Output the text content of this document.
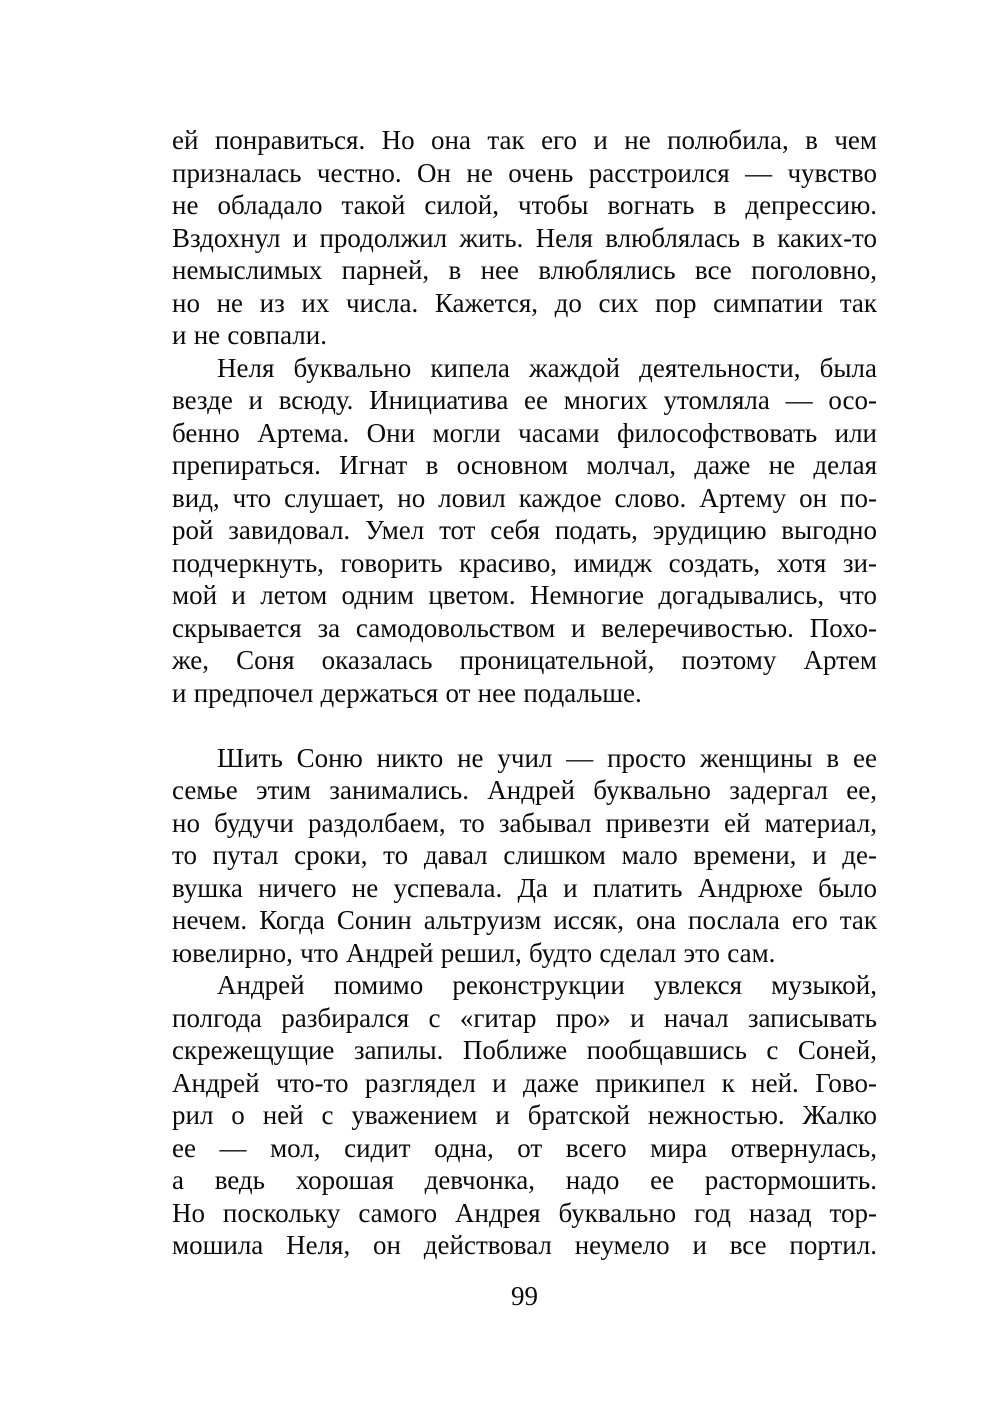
ей понравиться. Но она так его и не полюбила, в чем
призналась честно. Он не очень расстроился — чувство
не обладало такой силой, чтобы вогнать в депрессию.
Вздохнул и продолжил жить. Неля влюблялась в каких-то
немыслимых парней, в нее влюблялись все поголовно,
но не из их числа. Кажется, до сих пор симпатии так
и не совпали.
Неля буквально кипела жаждой деятельности, была
везде и всюду. Инициатива ее многих утомляла — осо-
бенно Артема. Они могли часами философствовать или
препираться. Игнат в основном молчал, даже не делая
вид, что слушает, но ловил каждое слово. Артему он по-
рой завидовал. Умел тот себя подать, эрудицию выгодно
подчеркнуть, говорить красиво, имидж создать, хотя зи-
мой и летом одним цветом. Немногие догадывались, что
скрывается за самодовольством и велеречивостью. Похо-
же, Соня оказалась проницательной, поэтому Артем
и предпочел держаться от нее подальше.
Шить Соню никто не учил — просто женщины в ее
семье этим занимались. Андрей буквально задергал ее,
но будучи раздолбаем, то забывал привезти ей материал,
то путал сроки, то давал слишком мало времени, и де-
вушка ничего не успевала. Да и платить Андрюхе было
нечем. Когда Сонин альтруизм иссяк, она послала его так
ювелирно, что Андрей решил, будто сделал это сам.
Андрей помимо реконструкции увлекся музыкой,
полгода разбирался с «гитар про» и начал записывать
скрежещущие запилы. Поближе пообщавшись с Соней,
Андрей что-то разглядел и даже прикипел к ней. Гово-
рил о ней с уважением и братской нежностью. Жалко
ее — мол, сидит одна, от всего мира отвернулась,
а ведь хорошая девчонка, надо ее растормошить.
Но поскольку самого Андрея буквально год назад тор-
мошила Неля, он действовал неумело и все портил.
99
